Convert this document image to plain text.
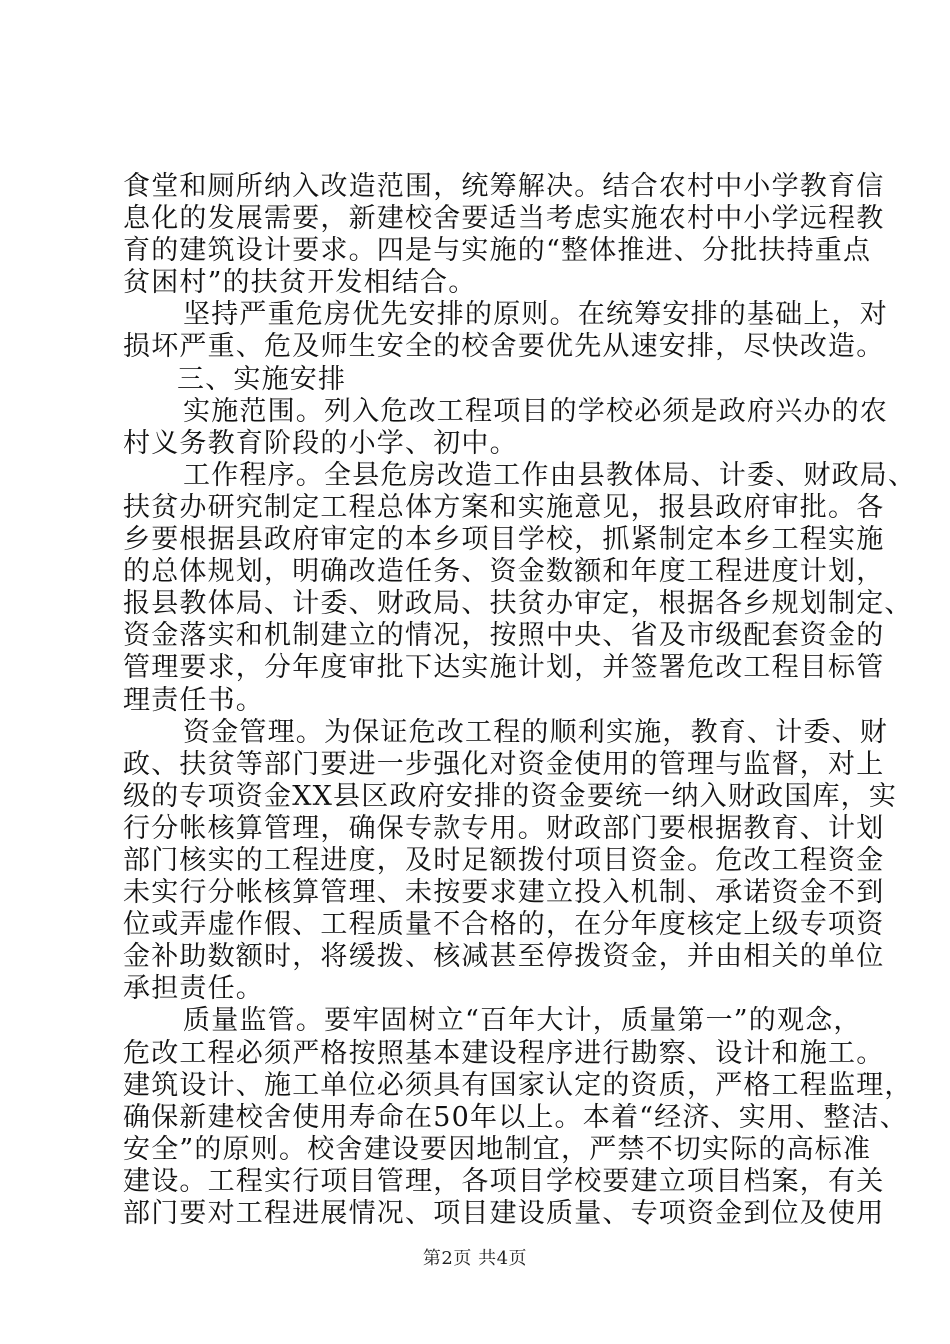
食堂和厕所纳入改造范围，统筹解决。结合农村中小学教育信
息化的发展需要，新建校舍要适当考虑实施农村中小学远程教
育的建筑设计要求。四是与实施的“整体推进、分批扶持重点
贫困村”的扶贫开发相结合。
坚持严重危房优先安排的原则。在统筹安排的基础上，对
损坏严重、危及师生安全的校舍要优先从速安排，尽快改造。
三、实施安排
实施范围。列入危改工程项目的学校必须是政府兴办的农
村义务教育阶段的小学、初中。
工作程序。全县危房改造工作由县教体局、计委、财政局、
扶贫办研究制定工程总体方案和实施意见，报县政府审批。各
乡要根据县政府审定的本乡项目学校，抓紧制定本乡工程实施
的总体规划，明确改造任务、资金数额和年度工程进度计划，
报县教体局、计委、财政局、扶贫办审定，根据各乡规划制定、
资金落实和机制建立的情况，按照中央、省及市级配套资金的
管理要求，分年度审批下达实施计划，并签署危改工程目标管
理责任书。
资金管理。为保证危改工程的顺利实施，教育、计委、财
政、扶贫等部门要进一步强化对资金使用的管理与监督，对上
级的专项资金XX县区政府安排的资金要统一纳入财政国库，实
行分帐核算管理，确保专款专用。财政部门要根据教育、计划
部门核实的工程进度，及时足额拨付项目资金。危改工程资金
未实行分帐核算管理、未按要求建立投入机制、承诺资金不到
位或弄虚作假、工程质量不合格的，在分年度核定上级专项资
金补助数额时，将缓拨、核减甚至停拨资金，并由相关的单位
承担责任。
质量监管。要牢固树立“百年大计，质量第一”的观念，
危改工程必须严格按照基本建设程序进行勘察、设计和施工。
建筑设计、施工单位必须具有国家认定的资质，严格工程监理，
确保新建校舍使用寿命在50年以上。本着“经济、实用、整洁、
安全”的原则。校舍建设要因地制宜，严禁不切实际的高标准
建设。工程实行项目管理，各项目学校要建立项目档案，有关
部门要对工程进展情况、项目建设质量、专项资金到位及使用
第2页 共4页
